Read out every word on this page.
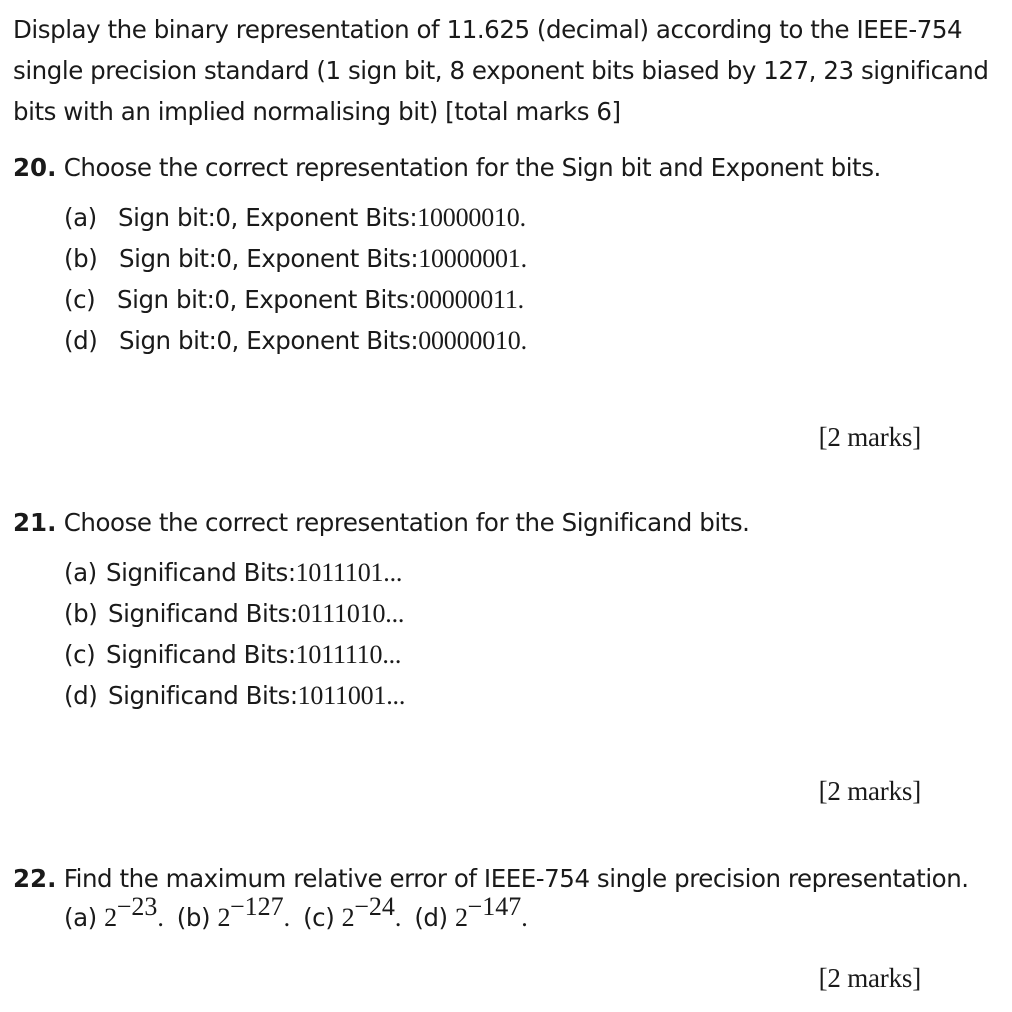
Display the binary representation of 11.625 (decimal) according to the IEEE-754
single precision standard (1 sign bit, 8 exponent bits biased by 127, 23 significand
bits with an implied normalising bit) [total marks 6]
20. Choose the correct representation for the Sign bit and Exponent bits.
(a) Sign bit:0, Exponent Bits:10000010.
(b) Sign bit:0, Exponent Bits:10000001.
(c) Sign bit:0, Exponent Bits:00000011.
(d) Sign bit:0, Exponent Bits:00000010.
[2 marks]
21. Choose the correct representation for the Significand bits.
(a) Significand Bits:1011101...
(b) Significand Bits:0111010...
(c) Significand Bits:1011110...
(d) Significand Bits:1011001...
[2 marks]
22. Find the maximum relative error of IEEE-754 single precision representation.
(a) $2^{-23}$. (b) $2^{-127}$. (c) $2^{-24}$. (d) $2^{-147}$.
[2 marks]
